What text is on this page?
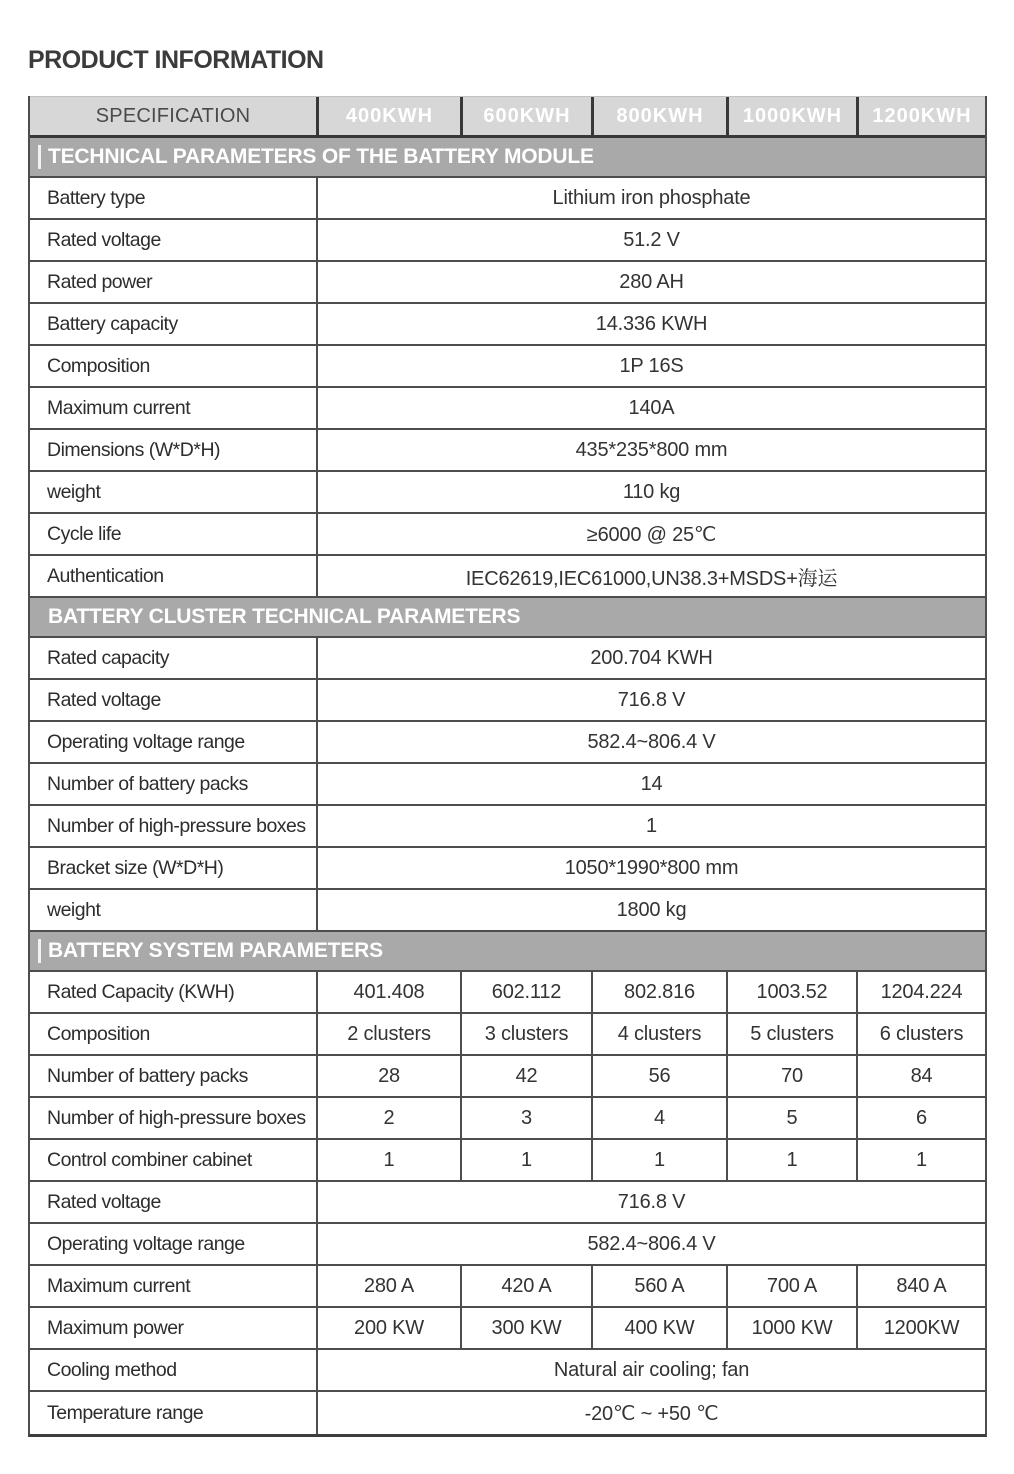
PRODUCT INFORMATION
SPECIFICATION	400KWH	600KWH	800KWH	1000KWH	1200KWH
TECHNICAL PARAMETERS OF THE BATTERY MODULE
Battery type	Lithium iron phosphate
Rated voltage	51.2 V
Rated power	280 AH
Battery capacity	14.336 KWH
Composition	1P 16S
Maximum current	140A
Dimensions (W*D*H)	435*235*800 mm
weight	110 kg
Cycle life	≥6000 @ 25℃
Authentication	IEC62619,IEC61000,UN38.3+MSDS+海运
BATTERY CLUSTER TECHNICAL PARAMETERS
Rated capacity	200.704 KWH
Rated voltage	716.8 V
Operating voltage range	582.4~806.4 V
Number of battery packs	14
Number of high-pressure boxes	1
Bracket size (W*D*H)	1050*1990*800 mm
weight	1800 kg
BATTERY SYSTEM PARAMETERS
Rated Capacity (KWH)	401.408	602.112	802.816	1003.52	1204.224
Composition	2 clusters	3 clusters	4 clusters	5 clusters	6 clusters
Number of battery packs	28	42	56	70	84
Number of high-pressure boxes	2	3	4	5	6
Control combiner cabinet	1	1	1	1	1
Rated voltage	716.8 V
Operating voltage range	582.4~806.4 V
Maximum current	280 A	420 A	560 A	700 A	840 A
Maximum power	200 KW	300 KW	400 KW	1000 KW	1200KW
Cooling method	Natural air cooling; fan
Temperature range	-20℃ ~ +50 ℃
